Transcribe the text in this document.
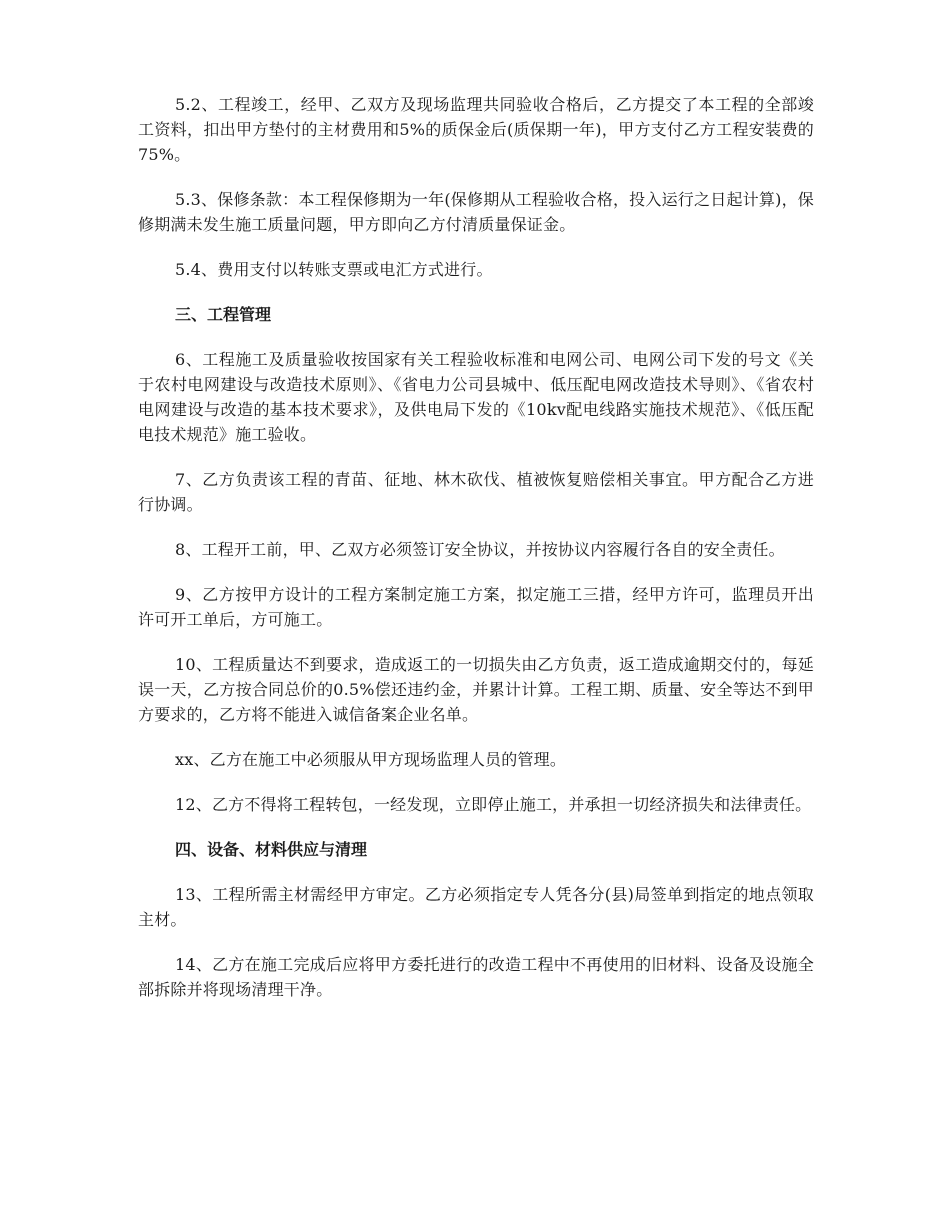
5.2、工程竣工，经甲、乙双方及现场监理共同验收合格后，乙方提交了本工程的全部竣工资料，扣出甲方垫付的主材费用和5%的质保金后(质保期一年)，甲方支付乙方工程安装费的75%。

5.3、保修条款：本工程保修期为一年(保修期从工程验收合格，投入运行之日起计算)，保修期满未发生施工质量问题，甲方即向乙方付清质量保证金。

5.4、费用支付以转账支票或电汇方式进行。

三、工程管理

6、工程施工及质量验收按国家有关工程验收标准和电网公司、电网公司下发的号文《关于农村电网建设与改造技术原则》、《省电力公司县城中、低压配电网改造技术导则》、《省农村电网建设与改造的基本技术要求》，及供电局下发的《10kv配电线路实施技术规范》、《低压配电技术规范》施工验收。

7、乙方负责该工程的青苗、征地、林木砍伐、植被恢复赔偿相关事宜。甲方配合乙方进行协调。

8、工程开工前，甲、乙双方必须签订安全协议，并按协议内容履行各自的安全责任。

9、乙方按甲方设计的工程方案制定施工方案，拟定施工三措，经甲方许可，监理员开出许可开工单后，方可施工。

10、工程质量达不到要求，造成返工的一切损失由乙方负责，返工造成逾期交付的，每延误一天，乙方按合同总价的0.5%偿还违约金，并累计计算。工程工期、质量、安全等达不到甲方要求的，乙方将不能进入诚信备案企业名单。

xx、乙方在施工中必须服从甲方现场监理人员的管理。

12、乙方不得将工程转包，一经发现，立即停止施工，并承担一切经济损失和法律责任。

四、设备、材料供应与清理

13、工程所需主材需经甲方审定。乙方必须指定专人凭各分(县)局签单到指定的地点领取主材。

14、乙方在施工完成后应将甲方委托进行的改造工程中不再使用的旧材料、设备及设施全部拆除并将现场清理干净。
